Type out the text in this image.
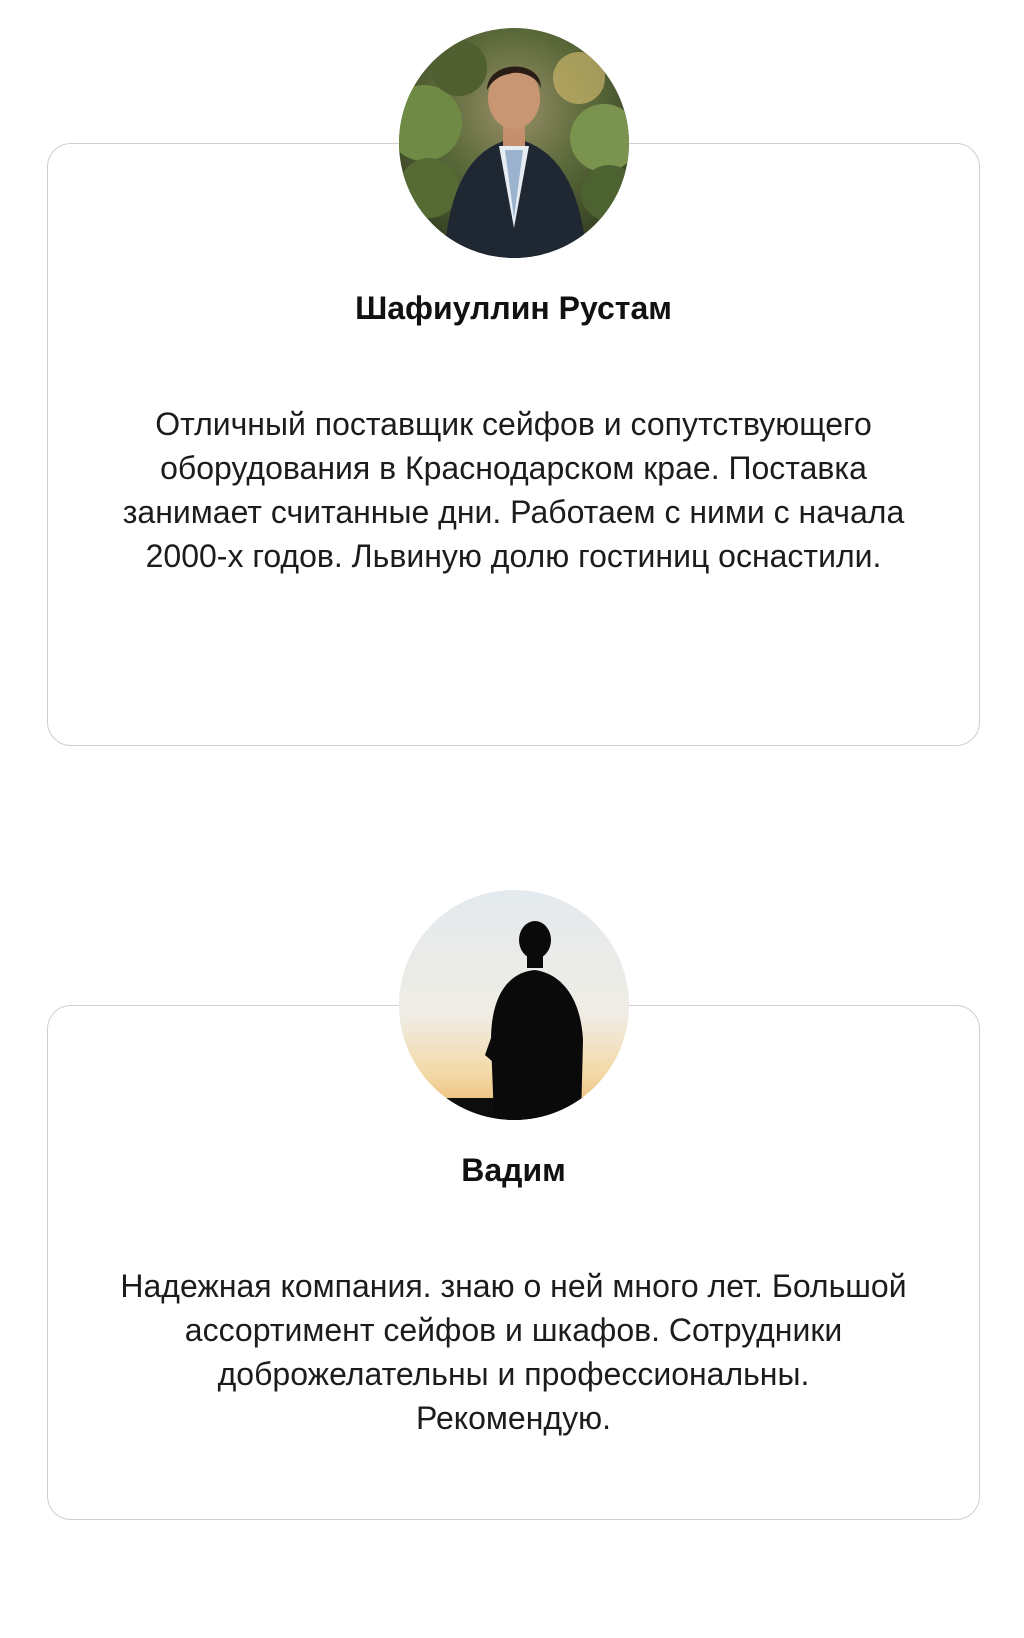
Шафиуллин Рустам
Отличный поставщик сейфов и сопутствующего оборудования в Краснодарском крае. Поставка занимает считанные дни. Работаем с ними с начала 2000-х годов. Львиную долю гостиниц оснастили.
Вадим
Надежная компания. знаю о ней много лет. Большой ассортимент сейфов и шкафов. Сотрудники доброжелательны и профессиональны. Рекомендую.
